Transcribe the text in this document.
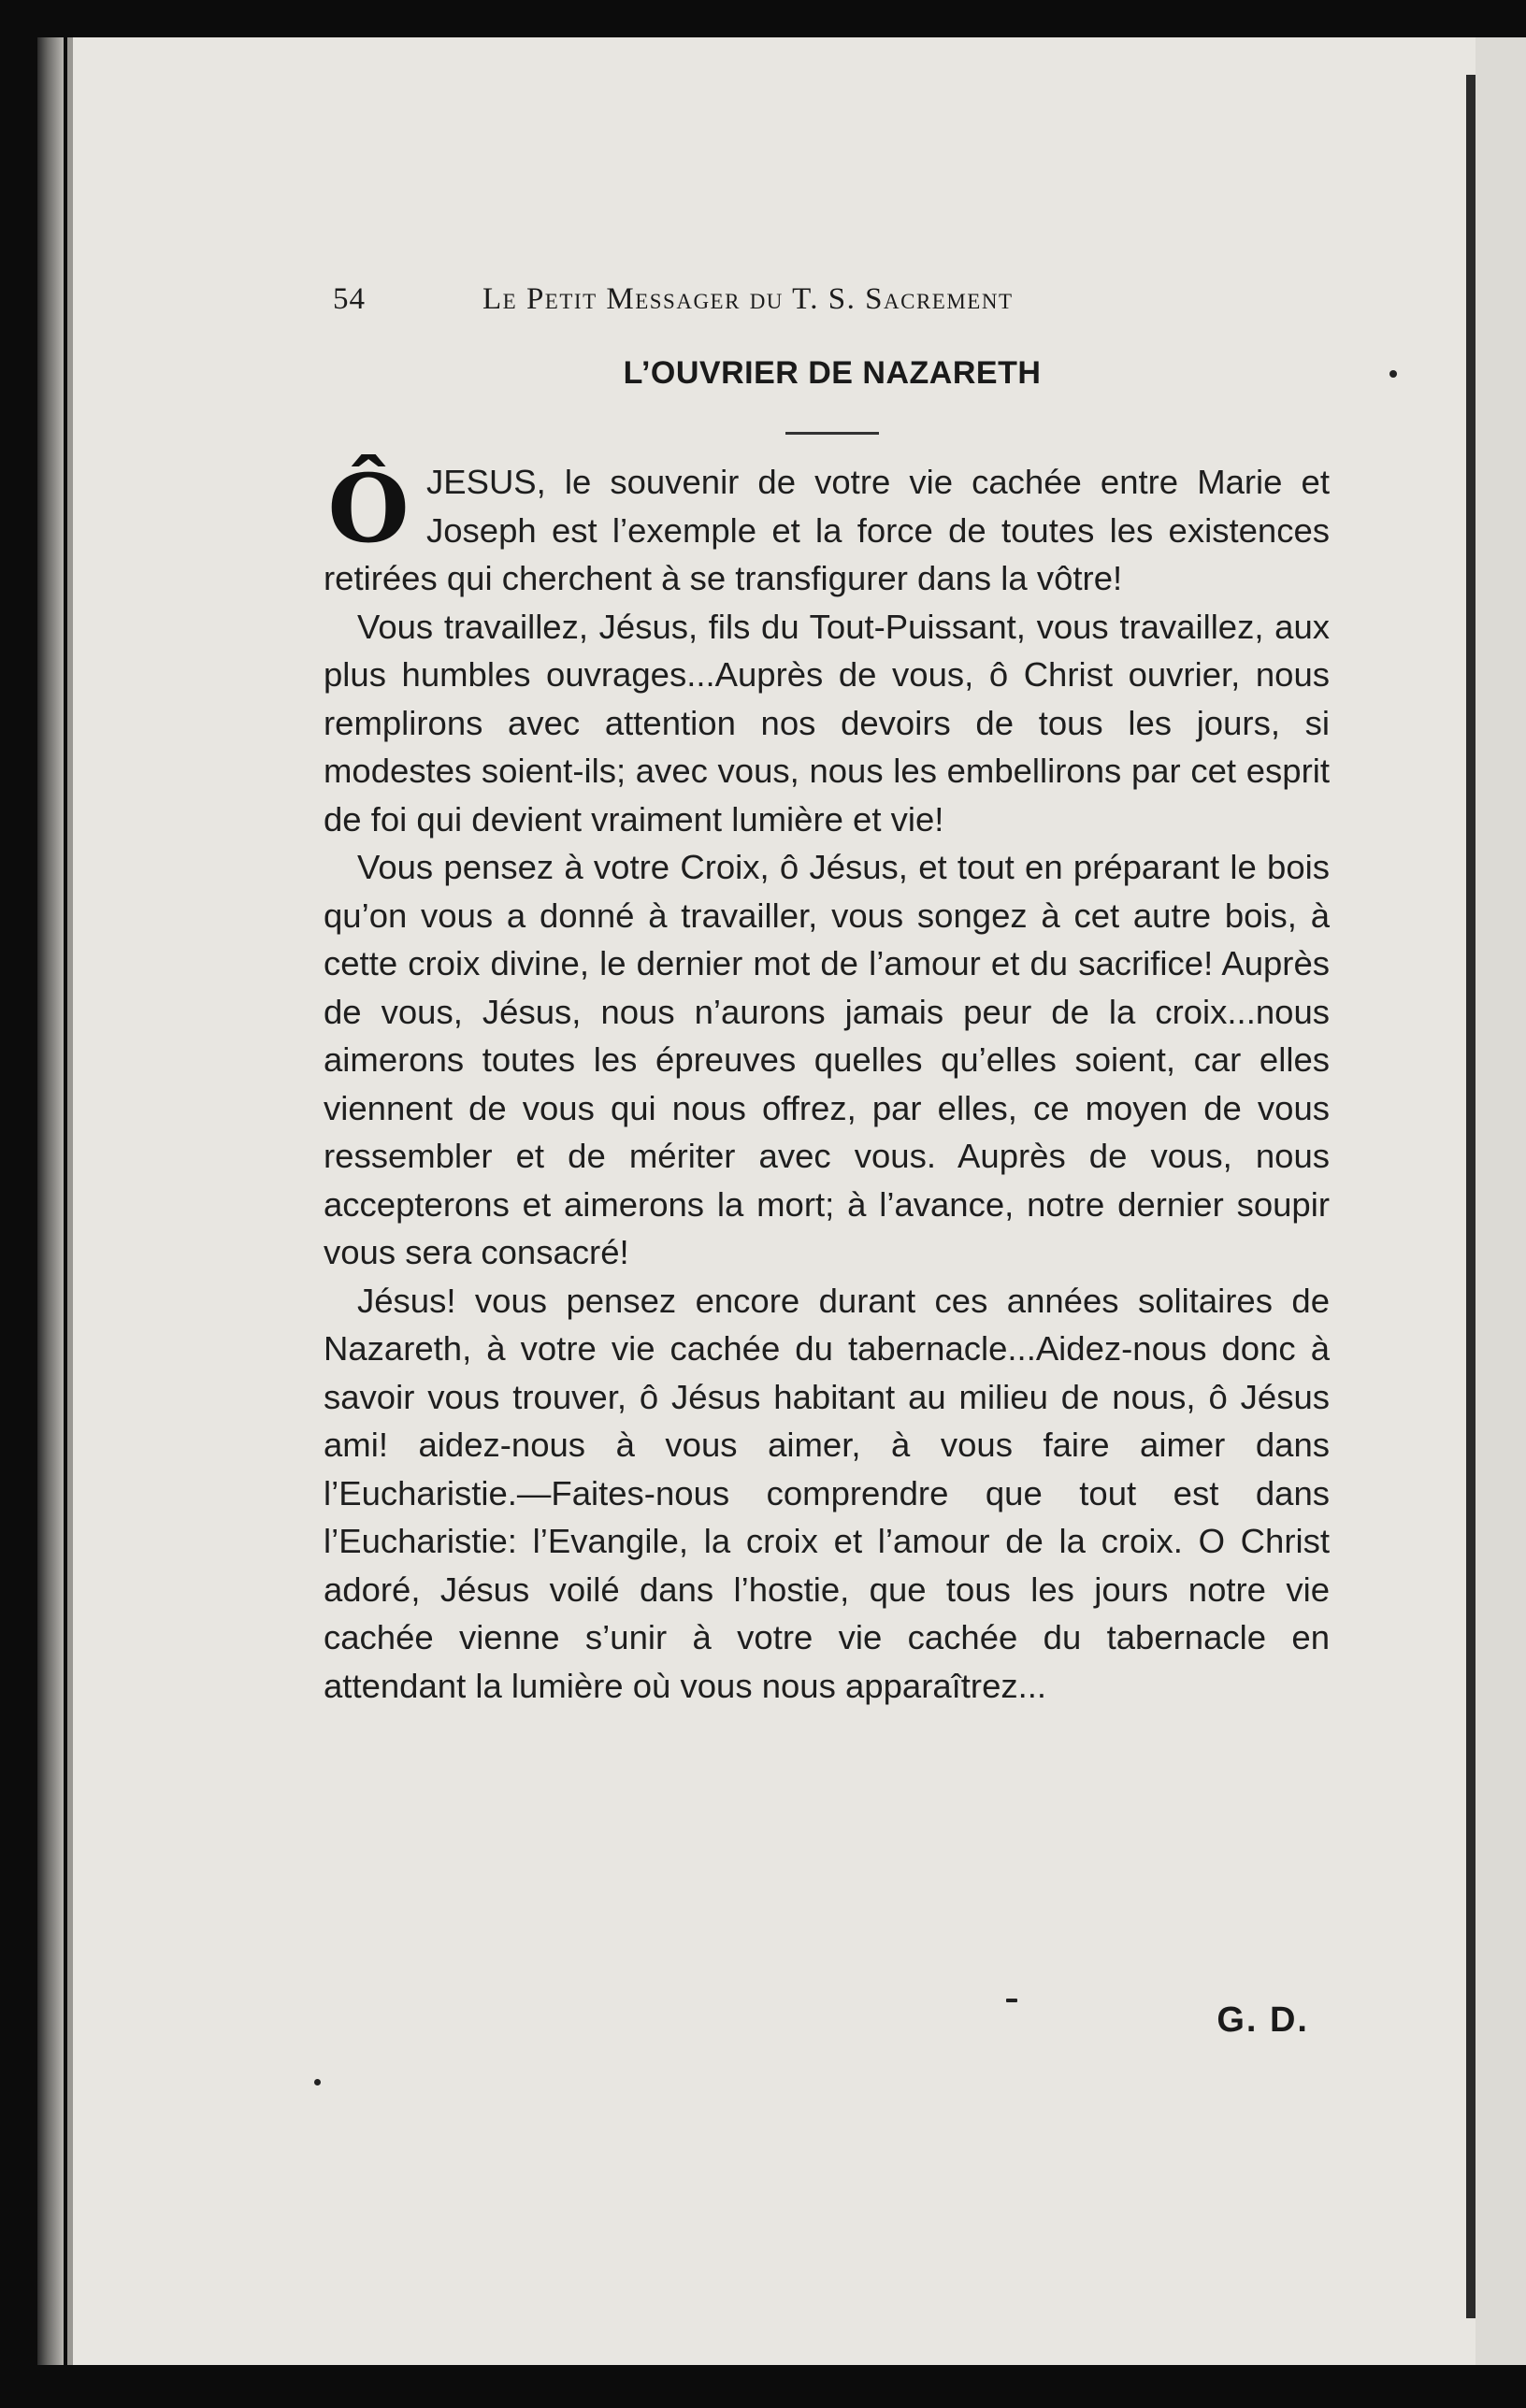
54	Le Petit Messager du T. S. Sacrement
L’OUVRIER DE NAZARETH

ÔJESUS, le souvenir de votre vie cachée entre Marie et Joseph est l’exemple et la force de toutes les existences retirées qui cherchent à se transfigurer dans la vôtre!

Vous travaillez, Jésus, fils du Tout-Puissant, vous travaillez, aux plus humbles ouvrages...Auprès de vous, ô Christ ouvrier, nous remplirons avec attention nos devoirs de tous les jours, si modestes soient-ils; avec vous, nous les embellirons par cet esprit de foi qui devient vraiment lumière et vie!

Vous pensez à votre Croix, ô Jésus, et tout en préparant le bois qu’on vous a donné à travailler, vous songez à cet autre bois, à cette croix divine, le dernier mot de l’amour et du sacrifice! Auprès de vous, Jésus, nous n’aurons jamais peur de la croix...nous aimerons toutes les épreuves quelles qu’elles soient, car elles viennent de vous qui nous offrez, par elles, ce moyen de vous ressembler et de mériter avec vous. Auprès de vous, nous accepterons et aimerons la mort; à l’avance, notre dernier soupir vous sera consacré!

Jésus! vous pensez encore durant ces années solitaires de Nazareth, à votre vie cachée du tabernacle...Aidez-nous donc à savoir vous trouver, ô Jésus habitant au milieu de nous, ô Jésus ami! aidez-nous à vous aimer, à vous faire aimer dans l’Eucharistie.—Faites-nous comprendre que tout est dans l’Eucharistie: l’Evangile, la croix et l’amour de la croix. O Christ adoré, Jésus voilé dans l’hostie, que tous les jours notre vie cachée vienne s’unir à votre vie cachée du tabernacle en attendant la lumière où vous nous apparaîtrez...

G. D.
